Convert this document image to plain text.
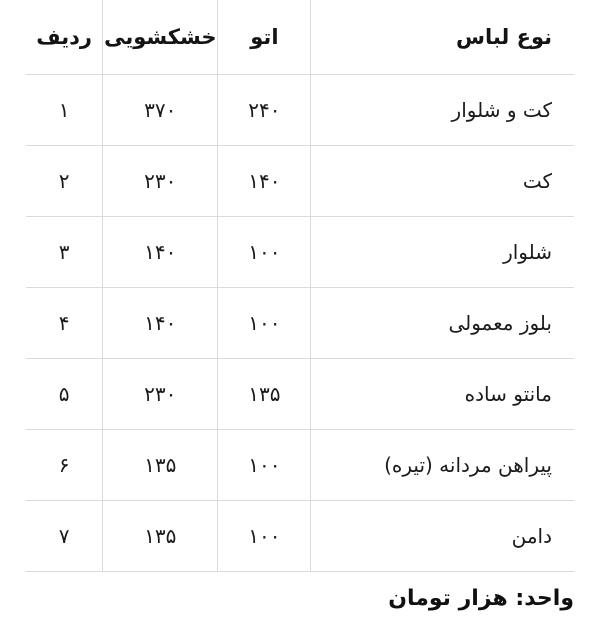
نوع لباس	اتو	خشکشویی	ردیف

کت و شلوار	۲۴۰	۳۷۰	۱

کت	۱۴۰	۲۳۰	۲

شلوار	۱۰۰	۱۴۰	۳

بلوز معمولی	۱۰۰	۱۴۰	۴

مانتو ساده	۱۳۵	۲۳۰	۵

پیراهن مردانه (تیره)	۱۰۰	۱۳۵	۶

دامن	۱۰۰	۱۳۵	۷
واحد: هزار تومان
